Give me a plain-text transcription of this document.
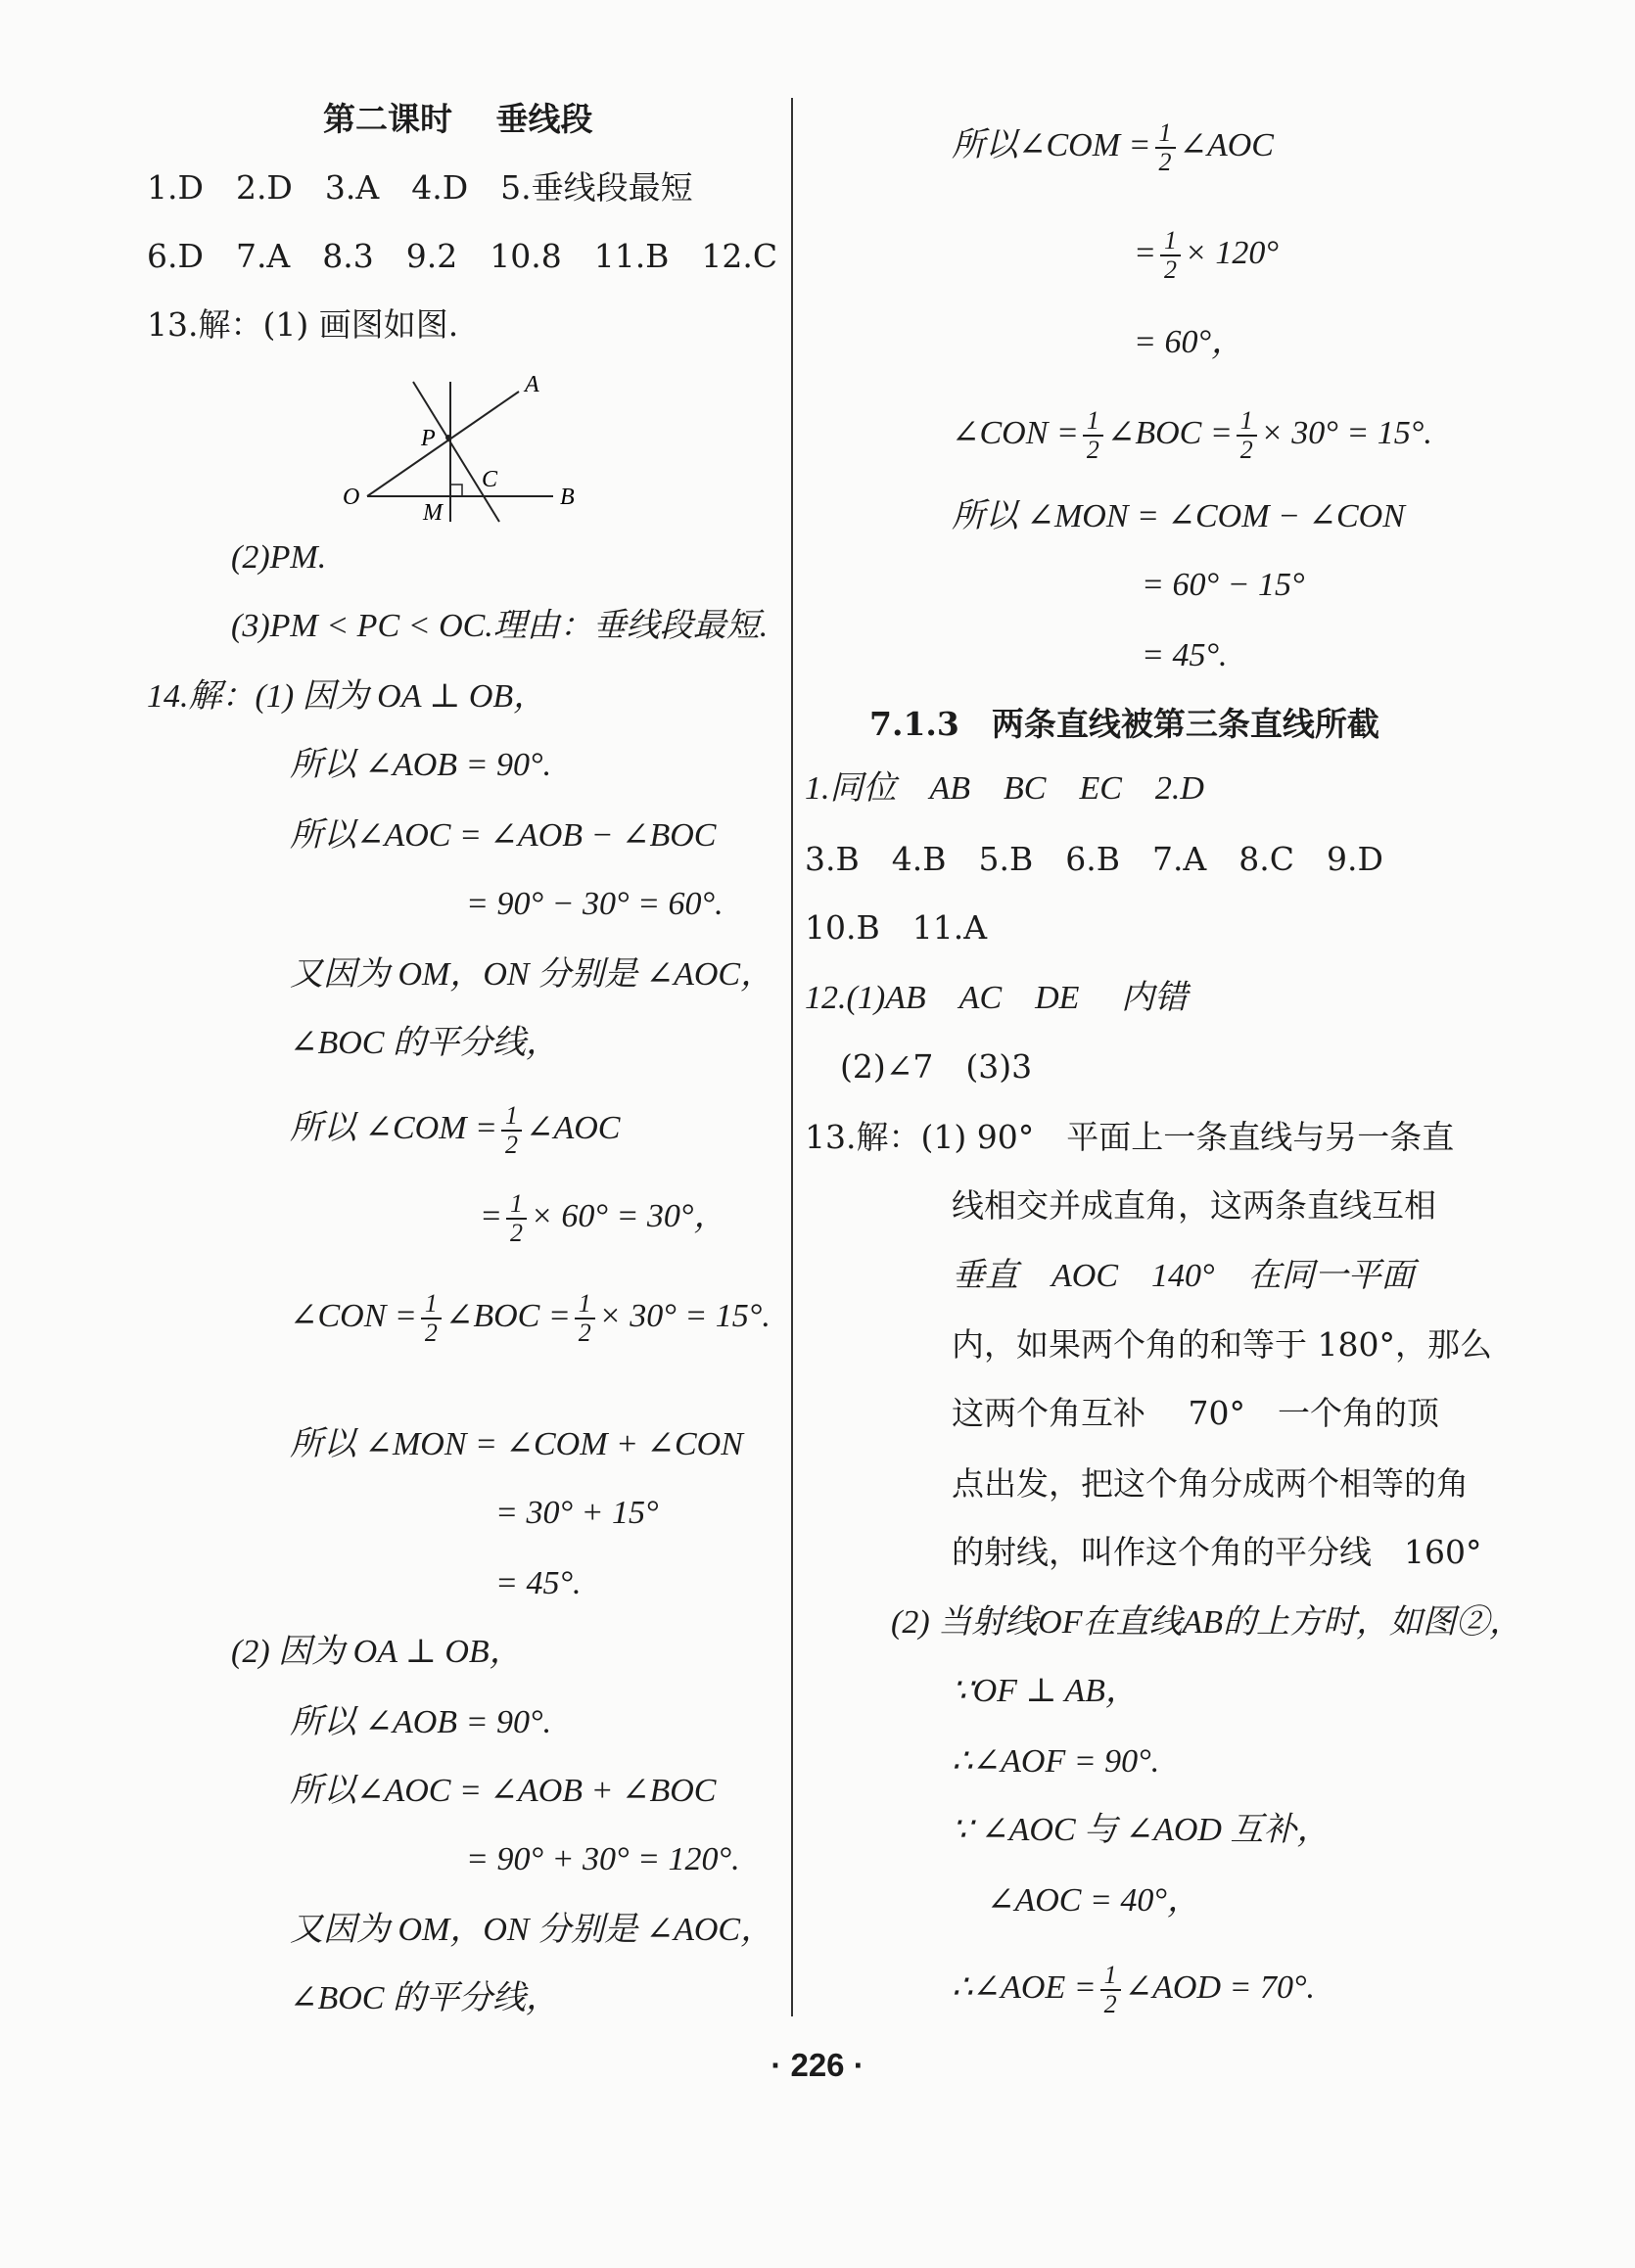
第二课时　 垂线段
1.D　2.D　3.A　4.D　5.垂线段最短
6.D　7.A　8.3　9.2　10.8　11.B　12.C
13.解：(1) 画图如图.
A
P
C
O
M
B
(2)PM.
(3)PM < PC < OC.理由：垂线段最短.
14.解：(1) 因为 OA ⊥ OB，
所以 ∠AOB = 90°.
所以∠AOC = ∠AOB − ∠BOC
= 90° − 30° = 60°.
又因为 OM，ON 分别是 ∠AOC，
∠BOC 的平分线，
所以 ∠COM = $\frac{1}{2}$ ∠AOC
= $\frac{1}{2} \times 60^\circ = 30^\circ$，
∠CON = $\frac{1}{2}$ ∠BOC = $\frac{1}{2} \times 30^\circ = 15^\circ$.
所以 ∠MON = ∠COM + ∠CON
= 30° + 15°
= 45°.
(2) 因为 OA ⊥ OB，
所以 ∠AOB = 90°.
所以∠AOC = ∠AOB + ∠BOC
= 90° + 30° = 120°.
又因为 OM，ON 分别是 ∠AOC，
∠BOC 的平分线，
所以∠COM = $\frac{1}{2}$ ∠AOC
= $\frac{1}{2} \times 120^\circ$
= 60°，
∠CON = $\frac{1}{2}$ ∠BOC = $\frac{1}{2} \times 30^\circ = 15^\circ$.
所以 ∠MON = ∠COM − ∠CON
= 60° − 15°
= 45°.
7.1.3　两条直线被第三条直线所截
1.同位　AB　BC　EC　2.D
3.B　4.B　5.B　6.B　7.A　8.C　9.D
10.B　11.A
12.(1)AB　AC　DE　 内错
(2)∠7　(3)3
13.解：(1) 90°　平面上一条直线与另一条直
线相交并成直角，这两条直线互相
垂直　AOC　140°　在同一平面
内，如果两个角的和等于 180°，那么
这两个角互补　 70°　一个角的顶
点出发，把这个角分成两个相等的角
的射线，叫作这个角的平分线　160°
(2) 当射线OF在直线AB的上方时，如图②，
∵OF ⊥ AB，
∴∠AOF = 90°.
∵ ∠AOC 与 ∠AOD 互补，
∠AOC = 40°，
∴∠AOE = $\frac{1}{2}$ ∠AOD = 70°.
· 226 ·
